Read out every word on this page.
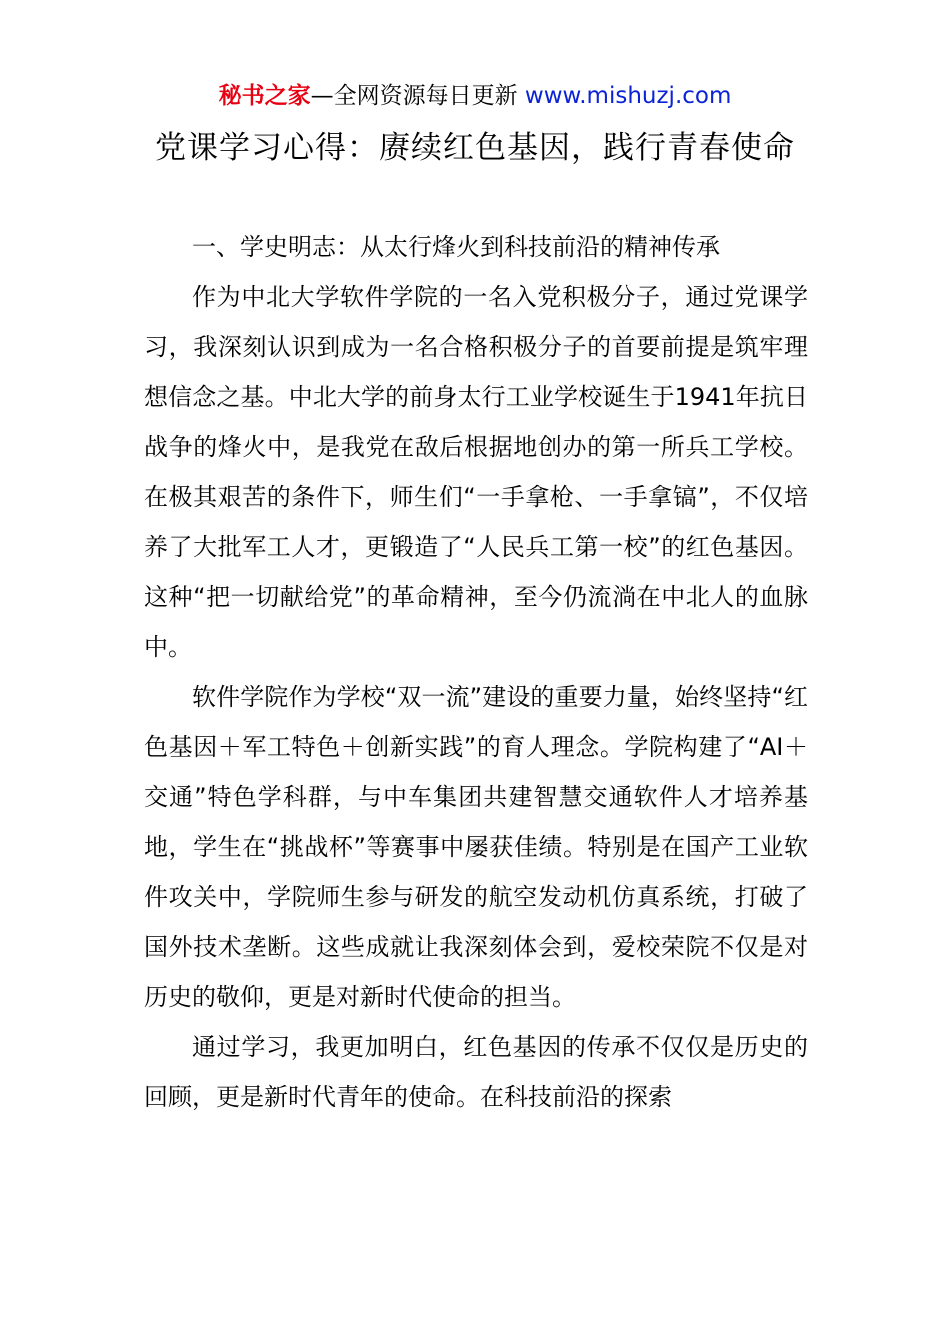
秘书之家—全网资源每日更新 www.mishuzj.com
党课学习心得：赓续红色基因，践行青春使命

一、学史明志：从太行烽火到科技前沿的精神传承

作为中北大学软件学院的一名入党积极分子，通过党课学习，我深刻认识到成为一名合格积极分子的首要前提是筑牢理想信念之基。中北大学的前身太行工业学校诞生于1941年抗日战争的烽火中，是我党在敌后根据地创办的第一所兵工学校。在极其艰苦的条件下，师生们“一手拿枪、一手拿镐”，不仅培养了大批军工人才，更锻造了“人民兵工第一校”的红色基因。这种“把一切献给党”的革命精神，至今仍流淌在中北人的血脉中。

软件学院作为学校“双一流”建设的重要力量，始终坚持“红色基因＋军工特色＋创新实践”的育人理念。学院构建了“AI＋交通”特色学科群，与中车集团共建智慧交通软件人才培养基地，学生在“挑战杯”等赛事中屡获佳绩。特别是在国产工业软件攻关中，学院师生参与研发的航空发动机仿真系统，打破了国外技术垄断。这些成就让我深刻体会到，爱校荣院不仅是对历史的敬仰，更是对新时代使命的担当。

通过学习，我更加明白，红色基因的传承不仅仅是历史的回顾，更是新时代青年的使命。在科技前沿的探索
